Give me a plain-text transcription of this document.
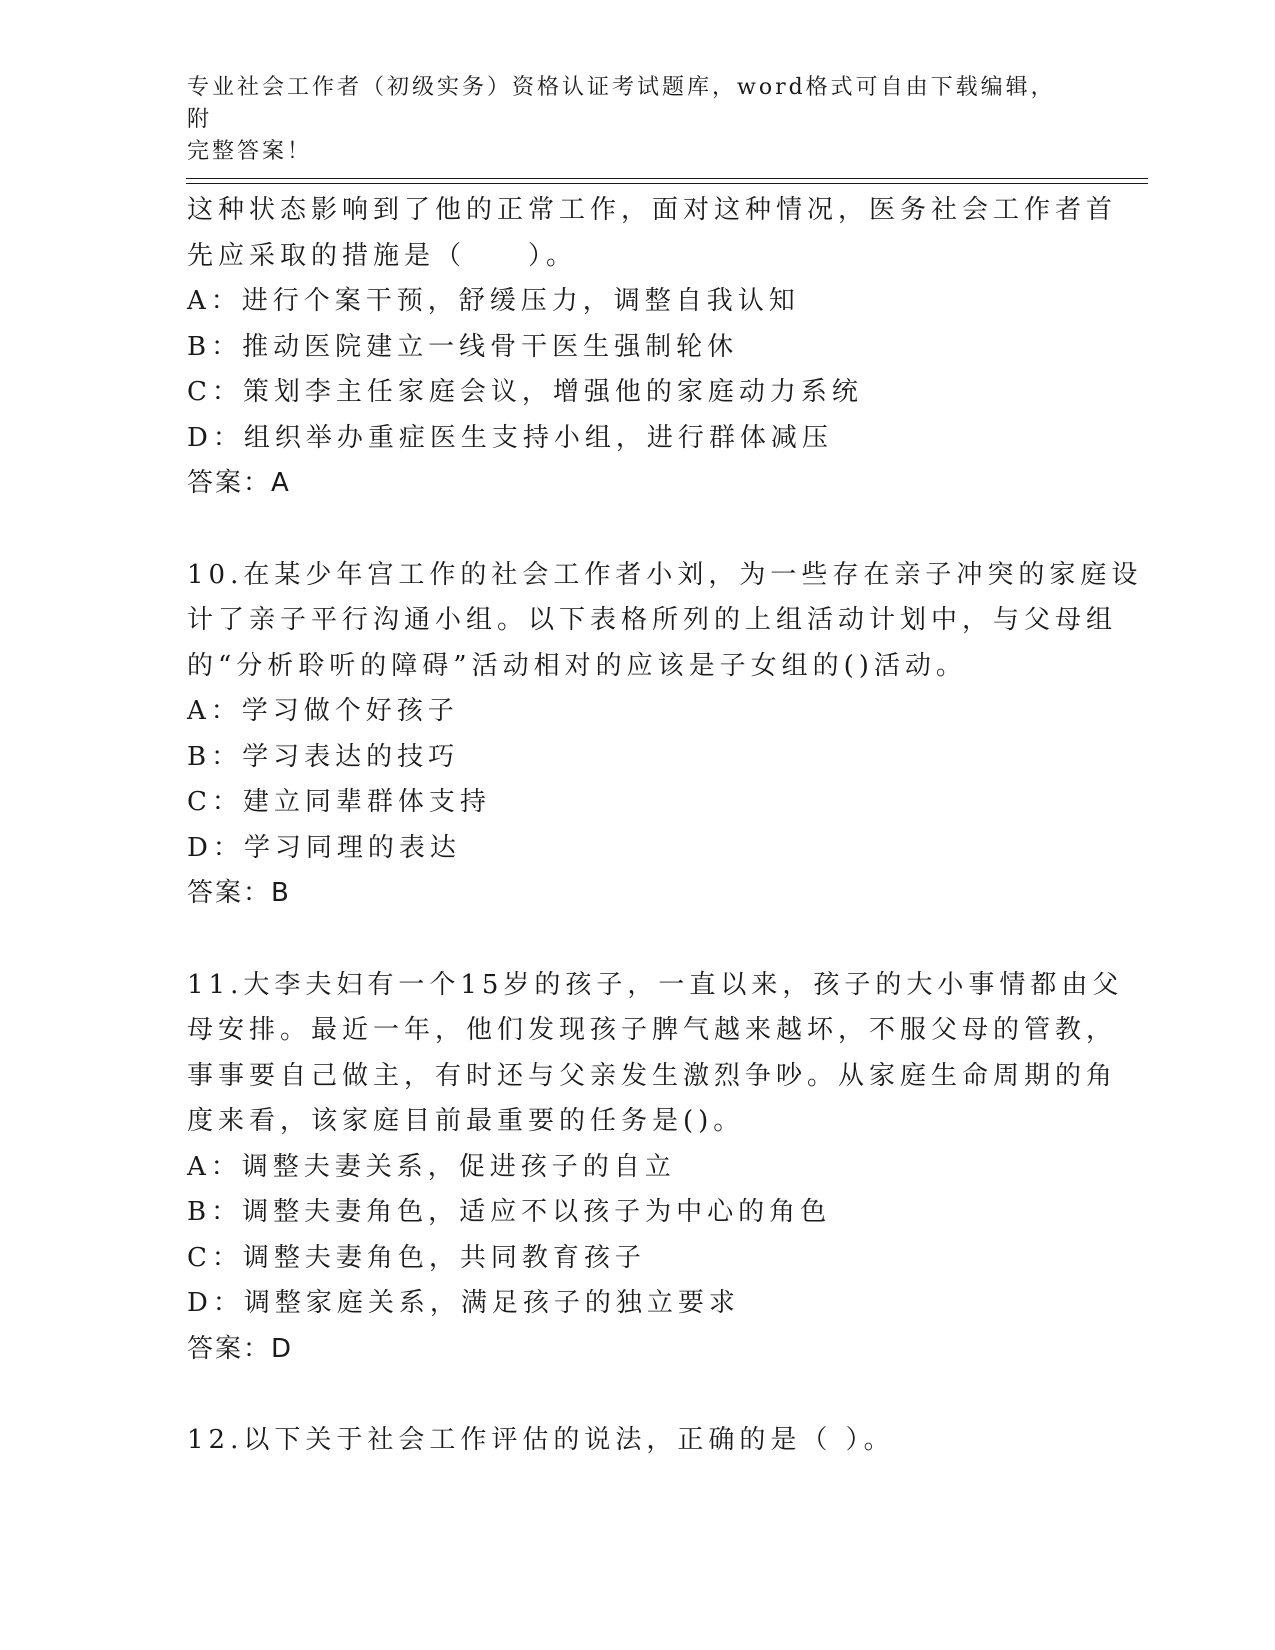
专业社会工作者（初级实务）资格认证考试题库，word格式可自由下载编辑，附
完整答案！
这种状态影响到了他的正常工作，面对这种情况，医务社会工作者首
先应采取的措施是（　　）。
A：进行个案干预，舒缓压力，调整自我认知
B：推动医院建立一线骨干医生强制轮休
C：策划李主任家庭会议，增强他的家庭动力系统
D：组织举办重症医生支持小组，进行群体减压
答案：A
10.在某少年宫工作的社会工作者小刘，为一些存在亲子冲突的家庭设
计了亲子平行沟通小组。以下表格所列的上组活动计划中，与父母组
的“分析聆听的障碍”活动相对的应该是子女组的()活动。
A：学习做个好孩子
B：学习表达的技巧
C：建立同辈群体支持
D：学习同理的表达
答案：B
11.大李夫妇有一个15岁的孩子，一直以来，孩子的大小事情都由父
母安排。最近一年，他们发现孩子脾气越来越坏，不服父母的管教，
事事要自己做主，有时还与父亲发生激烈争吵。从家庭生命周期的角
度来看，该家庭目前最重要的任务是()。
A：调整夫妻关系，促进孩子的自立
B：调整夫妻角色，适应不以孩子为中心的角色
C：调整夫妻角色，共同教育孩子
D：调整家庭关系，满足孩子的独立要求
答案：D
12.以下关于社会工作评估的说法，正确的是（ ）。
